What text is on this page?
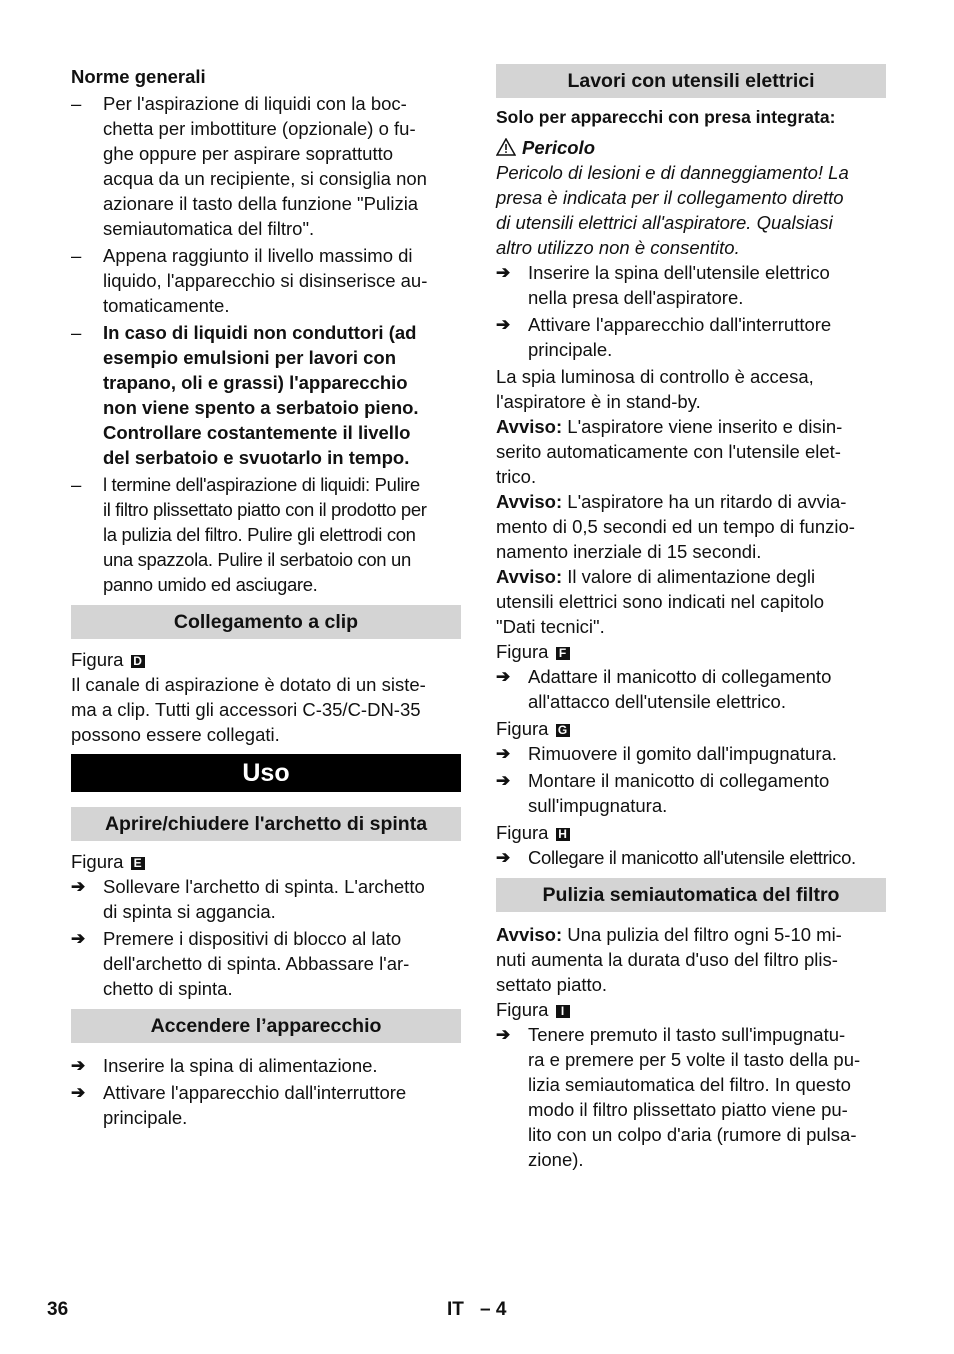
Norme generali

– Per l'aspirazione di liquidi con la boc-
chetta per imbottiture (opzionale) o fu-
ghe oppure per aspirare soprattutto
acqua da un recipiente, si consiglia non
azionare il tasto della funzione "Pulizia
semiautomatica del filtro".
– Appena raggiunto il livello massimo di
liquido, l'apparecchio si disinserisce au-
tomaticamente.
– In caso di liquidi non conduttori (ad
esempio emulsioni per lavori con
trapano, oli e grassi) l'apparecchio
non viene spento a serbatoio pieno.
Controllare costantemente il livello
del serbatoio e svuotarlo in tempo.
– l termine dell'aspirazione di liquidi: Pulire
il filtro plissettato piatto con il prodotto per
la pulizia del filtro. Pulire gli elettrodi con
una spazzola. Pulire il serbatoio con un
panno umido ed asciugare.
Collegamento a clip

Figura D

Il canale di aspirazione è dotato di un siste-
ma a clip. Tutti gli accessori C-35/C-DN-35
possono essere collegati.

Uso
Aprire/chiudere l'archetto di spinta

Figura E

➔ Sollevare l'archetto di spinta. L'archetto
di spinta si aggancia.
➔ Premere i dispositivi di blocco al lato
dell'archetto di spinta. Abbassare l'ar-
chetto di spinta.
Accendere l’apparecchio
➔ Inserire la spina di alimentazione.
➔ Attivare l'apparecchio dall'interruttore
principale.
Lavori con utensili elettrici

Solo per apparecchi con presa integrata:

Pericolo

Pericolo di lesioni e di danneggiamento! La
presa è indicata per il collegamento diretto
di utensili elettrici all'aspiratore. Qualsiasi
altro utilizzo non è consentito.

➔ Inserire la spina dell'utensile elettrico
nella presa dell'aspiratore.
➔ Attivare l'apparecchio dall'interruttore
principale.

La spia luminosa di controllo è accesa,
l'aspiratore è in stand-by.

Avviso: L'aspiratore viene inserito e disin-
serito automaticamente con l'utensile elet-
trico.

Avviso: L'aspiratore ha un ritardo di avvia-
mento di 0,5 secondi ed un tempo di funzio-
namento inerziale di 15 secondi.

Avviso: Il valore di alimentazione degli
utensili elettrici sono indicati nel capitolo
"Dati tecnici".

Figura F

➔ Adattare il manicotto di collegamento
all'attacco dell'utensile elettrico.

Figura G

➔ Rimuovere il gomito dall'impugnatura.
➔ Montare il manicotto di collegamento
sull'impugnatura.

Figura H

➔ Collegare il manicotto all'utensile elettrico.
Pulizia semiautomatica del filtro

Avviso: Una pulizia del filtro ogni 5-10 mi-
nuti aumenta la durata d'uso del filtro plis-
settato piatto.

Figura I

➔ Tenere premuto il tasto sull'impugnatu-
ra e premere per 5 volte il tasto della pu-
lizia semiautomatica del filtro. In questo
modo il filtro plissettato piatto viene pu-
lito con un colpo d'aria (rumore di pulsa-
zione).
36	IT – 4
